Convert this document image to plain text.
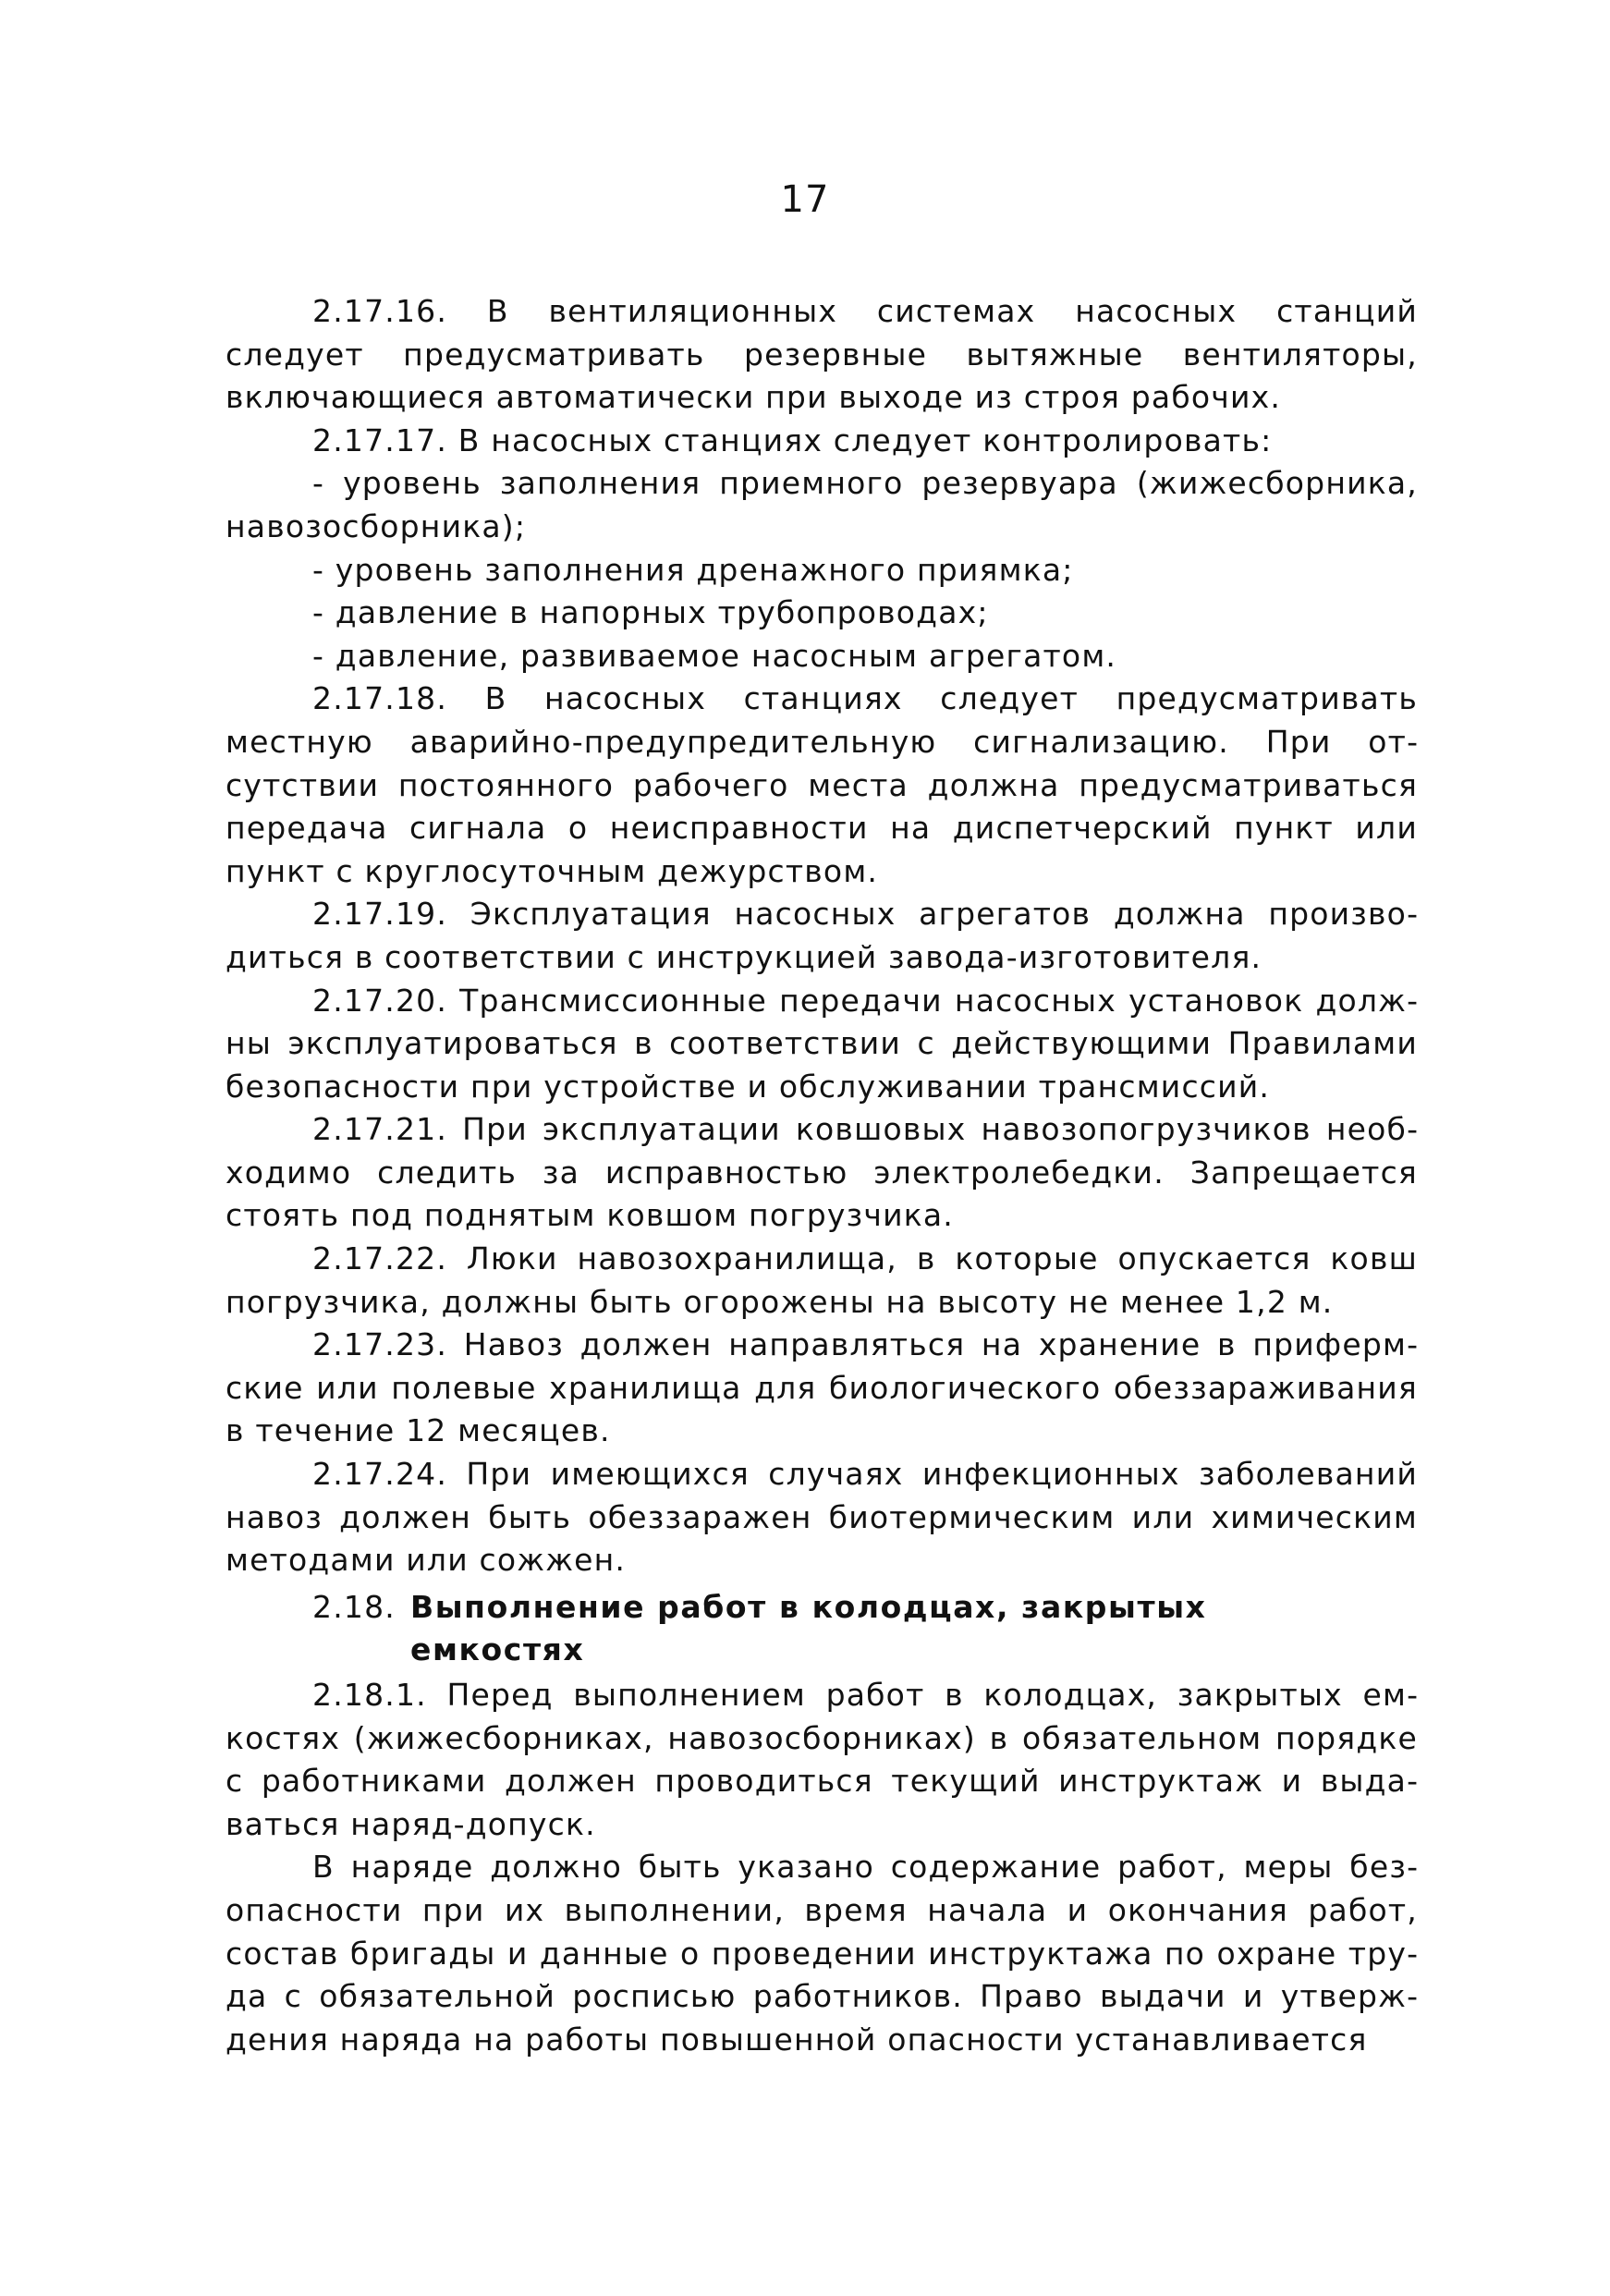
17

2.17.16. В вентиляционных системах насосных станций следует предусматривать резервные вытяжные вентиляторы, включающиеся автоматически при выходе из строя рабочих.

2.17.17. В насосных станциях следует контролировать:

- уровень заполнения приемного резервуара (жижесборника, навозосборника);

- уровень заполнения дренажного приямка;

- давление в напорных трубопроводах;

- давление, развиваемое насосным агрегатом.

2.17.18. В насосных станциях следует предусматривать местную аварийно-предупредительную сигнализацию. При отсутствии постоянного рабочего места должна предусматриваться передача сигнала о неисправности на диспетчерский пункт или пункт с круглосуточным дежурством.

2.17.19. Эксплуатация насосных агрегатов должна производиться в соответствии с инструкцией завода-изготовителя.

2.17.20. Трансмиссионные передачи насосных установок должны эксплуатироваться в соответствии с действующими Правилами безопасности при устройстве и обслуживании трансмиссий.

2.17.21. При эксплуатации ковшовых навозопогрузчиков необходимо следить за исправностью электролебедки. Запрещается стоять под поднятым ковшом погрузчика.

2.17.22. Люки навозохранилища, в которые опускается ковш погрузчика, должны быть огорожены на высоту не менее 1,2 м.

2.17.23. Навоз должен направляться на хранение в прифермские или полевые хранилища для биологического обеззараживания в течение 12 месяцев.

2.17.24. При имеющихся случаях инфекционных заболеваний навоз должен быть обеззаражен биотермическим или химическим методами или сожжен.

2.18. Выполнение работ в колодцах, закрытых емкостях

2.18.1. Перед выполнением работ в колодцах, закрытых емкостях (жижесборниках, навозосборниках) в обязательном порядке с работниками должен проводиться текущий инструктаж и выдаваться наряд-допуск.

В наряде должно быть указано содержание работ, меры безопасности при их выполнении, время начала и окончания работ, состав бригады и данные о проведении инструктажа по охране труда с обязательной росписью работников. Право выдачи и утверждения наряда на работы повышенной опасности устанавливается
